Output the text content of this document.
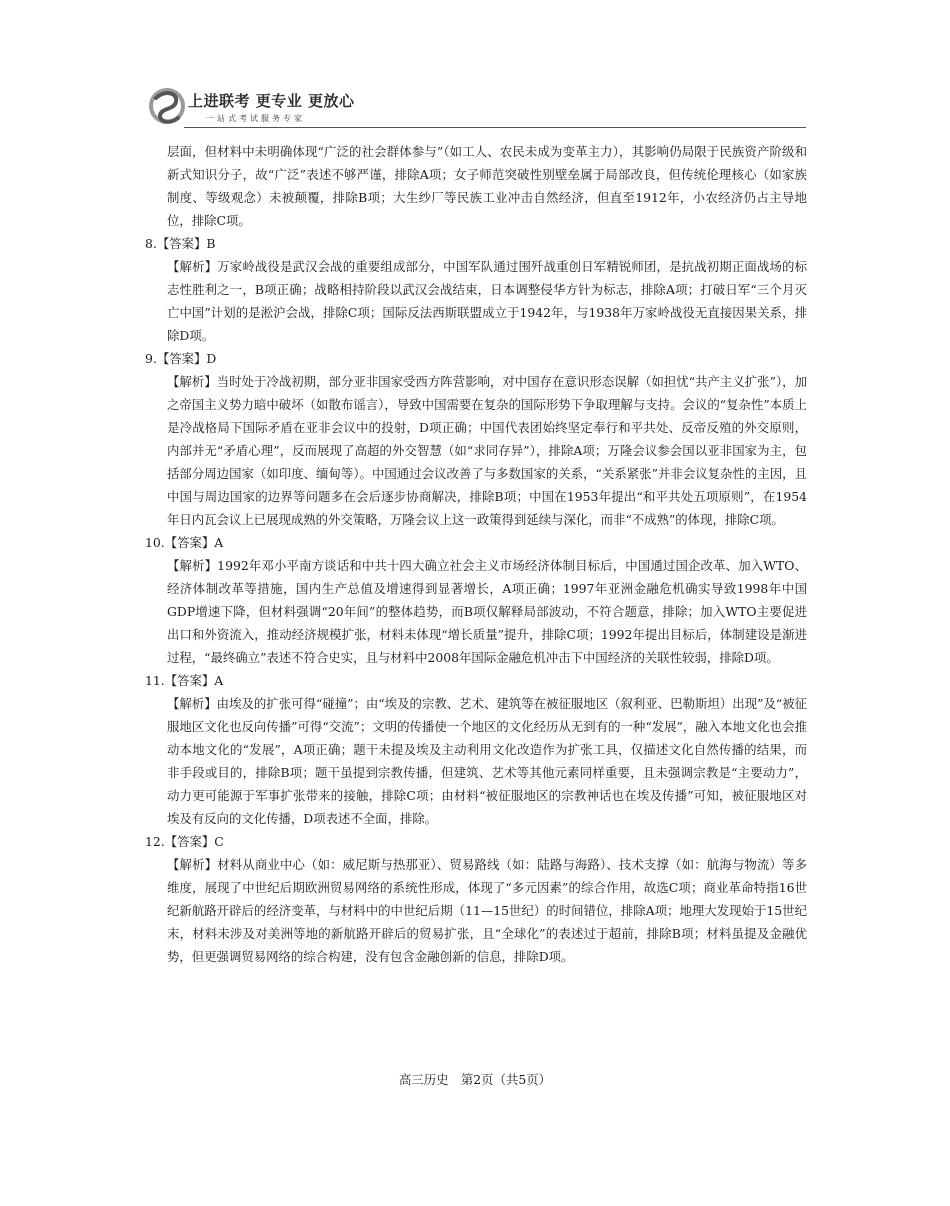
上进联考 更专业 更放心
一站式考试服务专家

层面，但材料中未明确体现“广泛的社会群体参与”（如工人、农民未成为变革主力），其影响仍局限于民族资产阶级和新式知识分子，故“广泛”表述不够严谨，排除A项；女子师范突破性别壁垒属于局部改良，但传统伦理核心（如家族制度、等级观念）未被颠覆，排除B项；大生纱厂等民族工业冲击自然经济，但直至1912年，小农经济仍占主导地位，排除C项。

8.【答案】B

【解析】万家岭战役是武汉会战的重要组成部分，中国军队通过围歼战重创日军精锐师团，是抗战初期正面战场的标志性胜利之一，B项正确；战略相持阶段以武汉会战结束，日本调整侵华方针为标志，排除A项；打破日军“三个月灭亡中国”计划的是淞沪会战，排除C项；国际反法西斯联盟成立于1942年，与1938年万家岭战役无直接因果关系，排除D项。

9.【答案】D

【解析】当时处于冷战初期，部分亚非国家受西方阵营影响，对中国存在意识形态误解（如担忧“共产主义扩张”），加之帝国主义势力暗中破坏（如散布谣言），导致中国需要在复杂的国际形势下争取理解与支持。会议的“复杂性”本质上是冷战格局下国际矛盾在亚非会议中的投射，D项正确；中国代表团始终坚定奉行和平共处、反帝反殖的外交原则，内部并无“矛盾心理”，反而展现了高超的外交智慧（如“求同存异”），排除A项；万隆会议参会国以亚非国家为主，包括部分周边国家（如印度、缅甸等）。中国通过会议改善了与多数国家的关系，“关系紧张”并非会议复杂性的主因，且中国与周边国家的边界等问题多在会后逐步协商解决，排除B项；中国在1953年提出“和平共处五项原则”，在1954年日内瓦会议上已展现成熟的外交策略，万隆会议上这一政策得到延续与深化，而非“不成熟”的体现，排除C项。

10.【答案】A

【解析】1992年邓小平南方谈话和中共十四大确立社会主义市场经济体制目标后，中国通过国企改革、加入WTO、经济体制改革等措施，国内生产总值及增速得到显著增长，A项正确；1997年亚洲金融危机确实导致1998年中国GDP增速下降，但材料强调“20年间”的整体趋势，而B项仅解释局部波动，不符合题意，排除；加入WTO主要促进出口和外资流入，推动经济规模扩张，材料未体现“增长质量”提升，排除C项；1992年提出目标后，体制建设是渐进过程，“最终确立”表述不符合史实，且与材料中2008年国际金融危机冲击下中国经济的关联性较弱，排除D项。

11.【答案】A

【解析】由埃及的扩张可得“碰撞”；由“埃及的宗教、艺术、建筑等在被征服地区（叙利亚、巴勒斯坦）出现”及“被征服地区文化也反向传播”可得“交流”；文明的传播使一个地区的文化经历从无到有的一种“发展”，融入本地文化也会推动本地文化的“发展”，A项正确；题干未提及埃及主动利用文化改造作为扩张工具，仅描述文化自然传播的结果，而非手段或目的，排除B项；题干虽提到宗教传播，但建筑、艺术等其他元素同样重要，且未强调宗教是“主要动力”，动力更可能源于军事扩张带来的接触，排除C项；由材料“被征服地区的宗教神话也在埃及传播”可知，被征服地区对埃及有反向的文化传播，D项表述不全面，排除。

12.【答案】C

【解析】材料从商业中心（如：威尼斯与热那亚）、贸易路线（如：陆路与海路）、技术支撑（如：航海与物流）等多维度，展现了中世纪后期欧洲贸易网络的系统性形成，体现了“多元因素”的综合作用，故选C项；商业革命特指16世纪新航路开辟后的经济变革，与材料中的中世纪后期（11—15世纪）的时间错位，排除A项；地理大发现始于15世纪末，材料未涉及对美洲等地的新航路开辟后的贸易扩张，且“全球化”的表述过于超前，排除B项；材料虽提及金融优势，但更强调贸易网络的综合构建，没有包含金融创新的信息，排除D项。

高三历史　第2页（共5页）
